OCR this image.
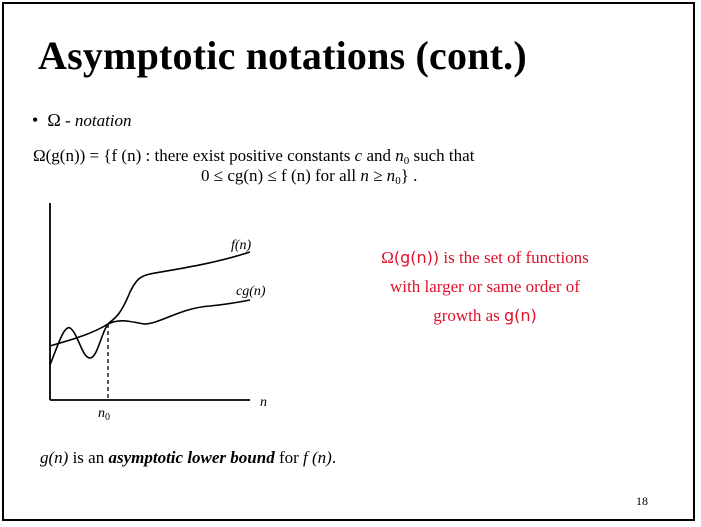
Asymptotic notations (cont.)
• Ω - notation
Ω(g(n)) = {f (n) : there exist positive constants c and $n_0$ such that
0 ≤ cg(n) ≤ f (n) for all $n \ge n_0$} .
f(n)
cg(n)
n
$n_0$
Ω(g(n)) is the set of functions
with larger or same order of
growth as g(n)
g(n) is an asymptotic lower bound for f (n).
18
